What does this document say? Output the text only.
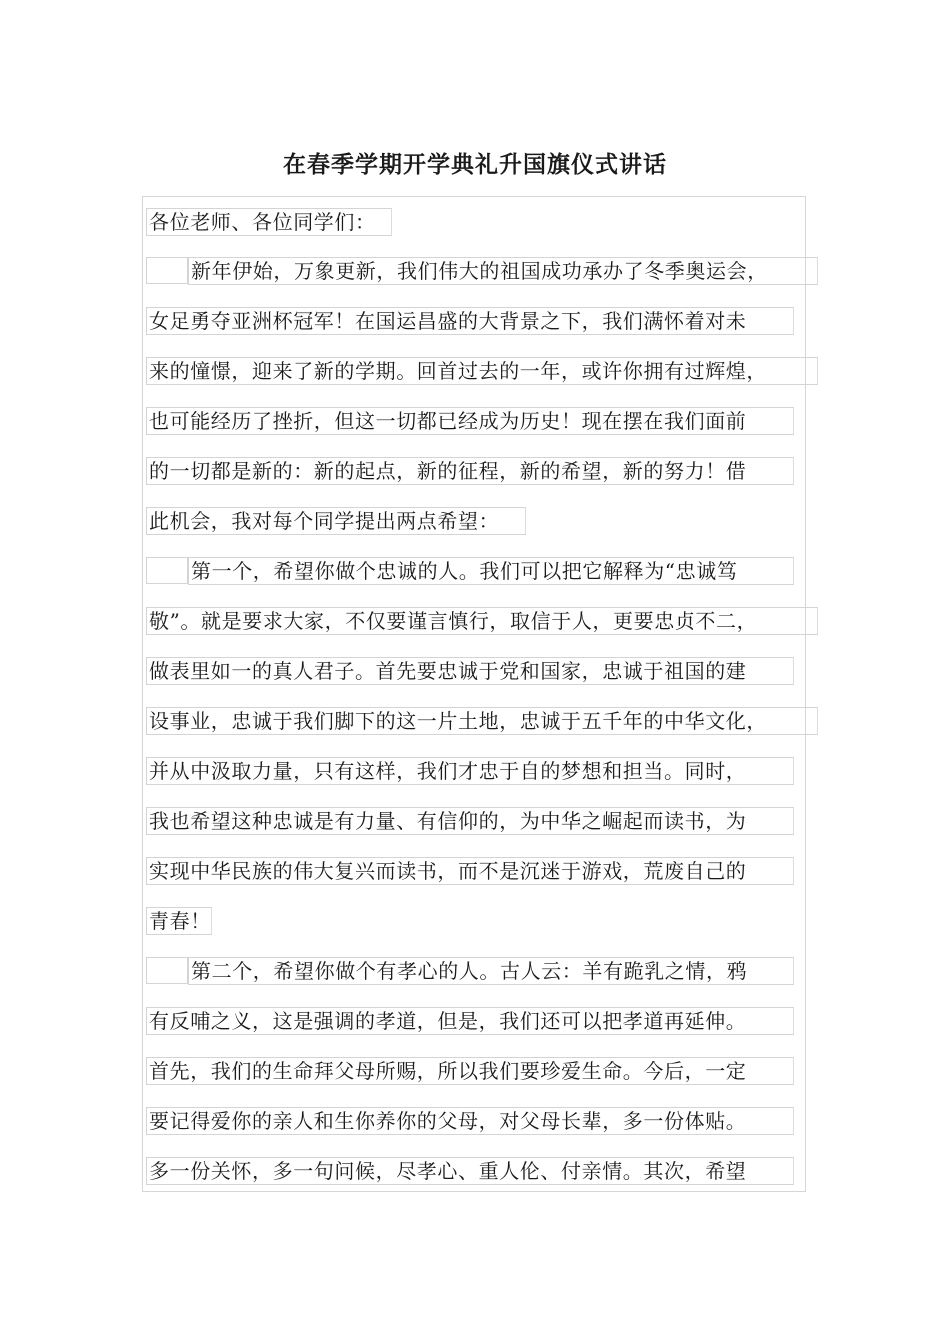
在春季学期开学典礼升国旗仪式讲话
各位老师、各位同学们：
新年伊始，万象更新，我们伟大的祖国成功承办了冬季奥运会，
女足勇夺亚洲杯冠军！在国运昌盛的大背景之下，我们满怀着对未
来的憧憬，迎来了新的学期。回首过去的一年，或许你拥有过辉煌，
也可能经历了挫折，但这一切都已经成为历史！现在摆在我们面前
的一切都是新的：新的起点，新的征程，新的希望，新的努力！借
此机会，我对每个同学提出两点希望：
第一个，希望你做个忠诚的人。我们可以把它解释为“忠诚笃
敬”。就是要求大家，不仅要谨言慎行，取信于人，更要忠贞不二，
做表里如一的真人君子。首先要忠诚于党和国家，忠诚于祖国的建
设事业，忠诚于我们脚下的这一片土地，忠诚于五千年的中华文化，
并从中汲取力量，只有这样，我们才忠于自的梦想和担当。同时，
我也希望这种忠诚是有力量、有信仰的，为中华之崛起而读书，为
实现中华民族的伟大复兴而读书，而不是沉迷于游戏，荒废自己的
青春！
第二个，希望你做个有孝心的人。古人云：羊有跪乳之情，鸦
有反哺之义，这是强调的孝道，但是，我们还可以把孝道再延伸。
首先，我们的生命拜父母所赐，所以我们要珍爱生命。今后，一定
要记得爱你的亲人和生你养你的父母，对父母长辈，多一份体贴。
多一份关怀，多一句问候，尽孝心、重人伦、付亲情。其次，希望
